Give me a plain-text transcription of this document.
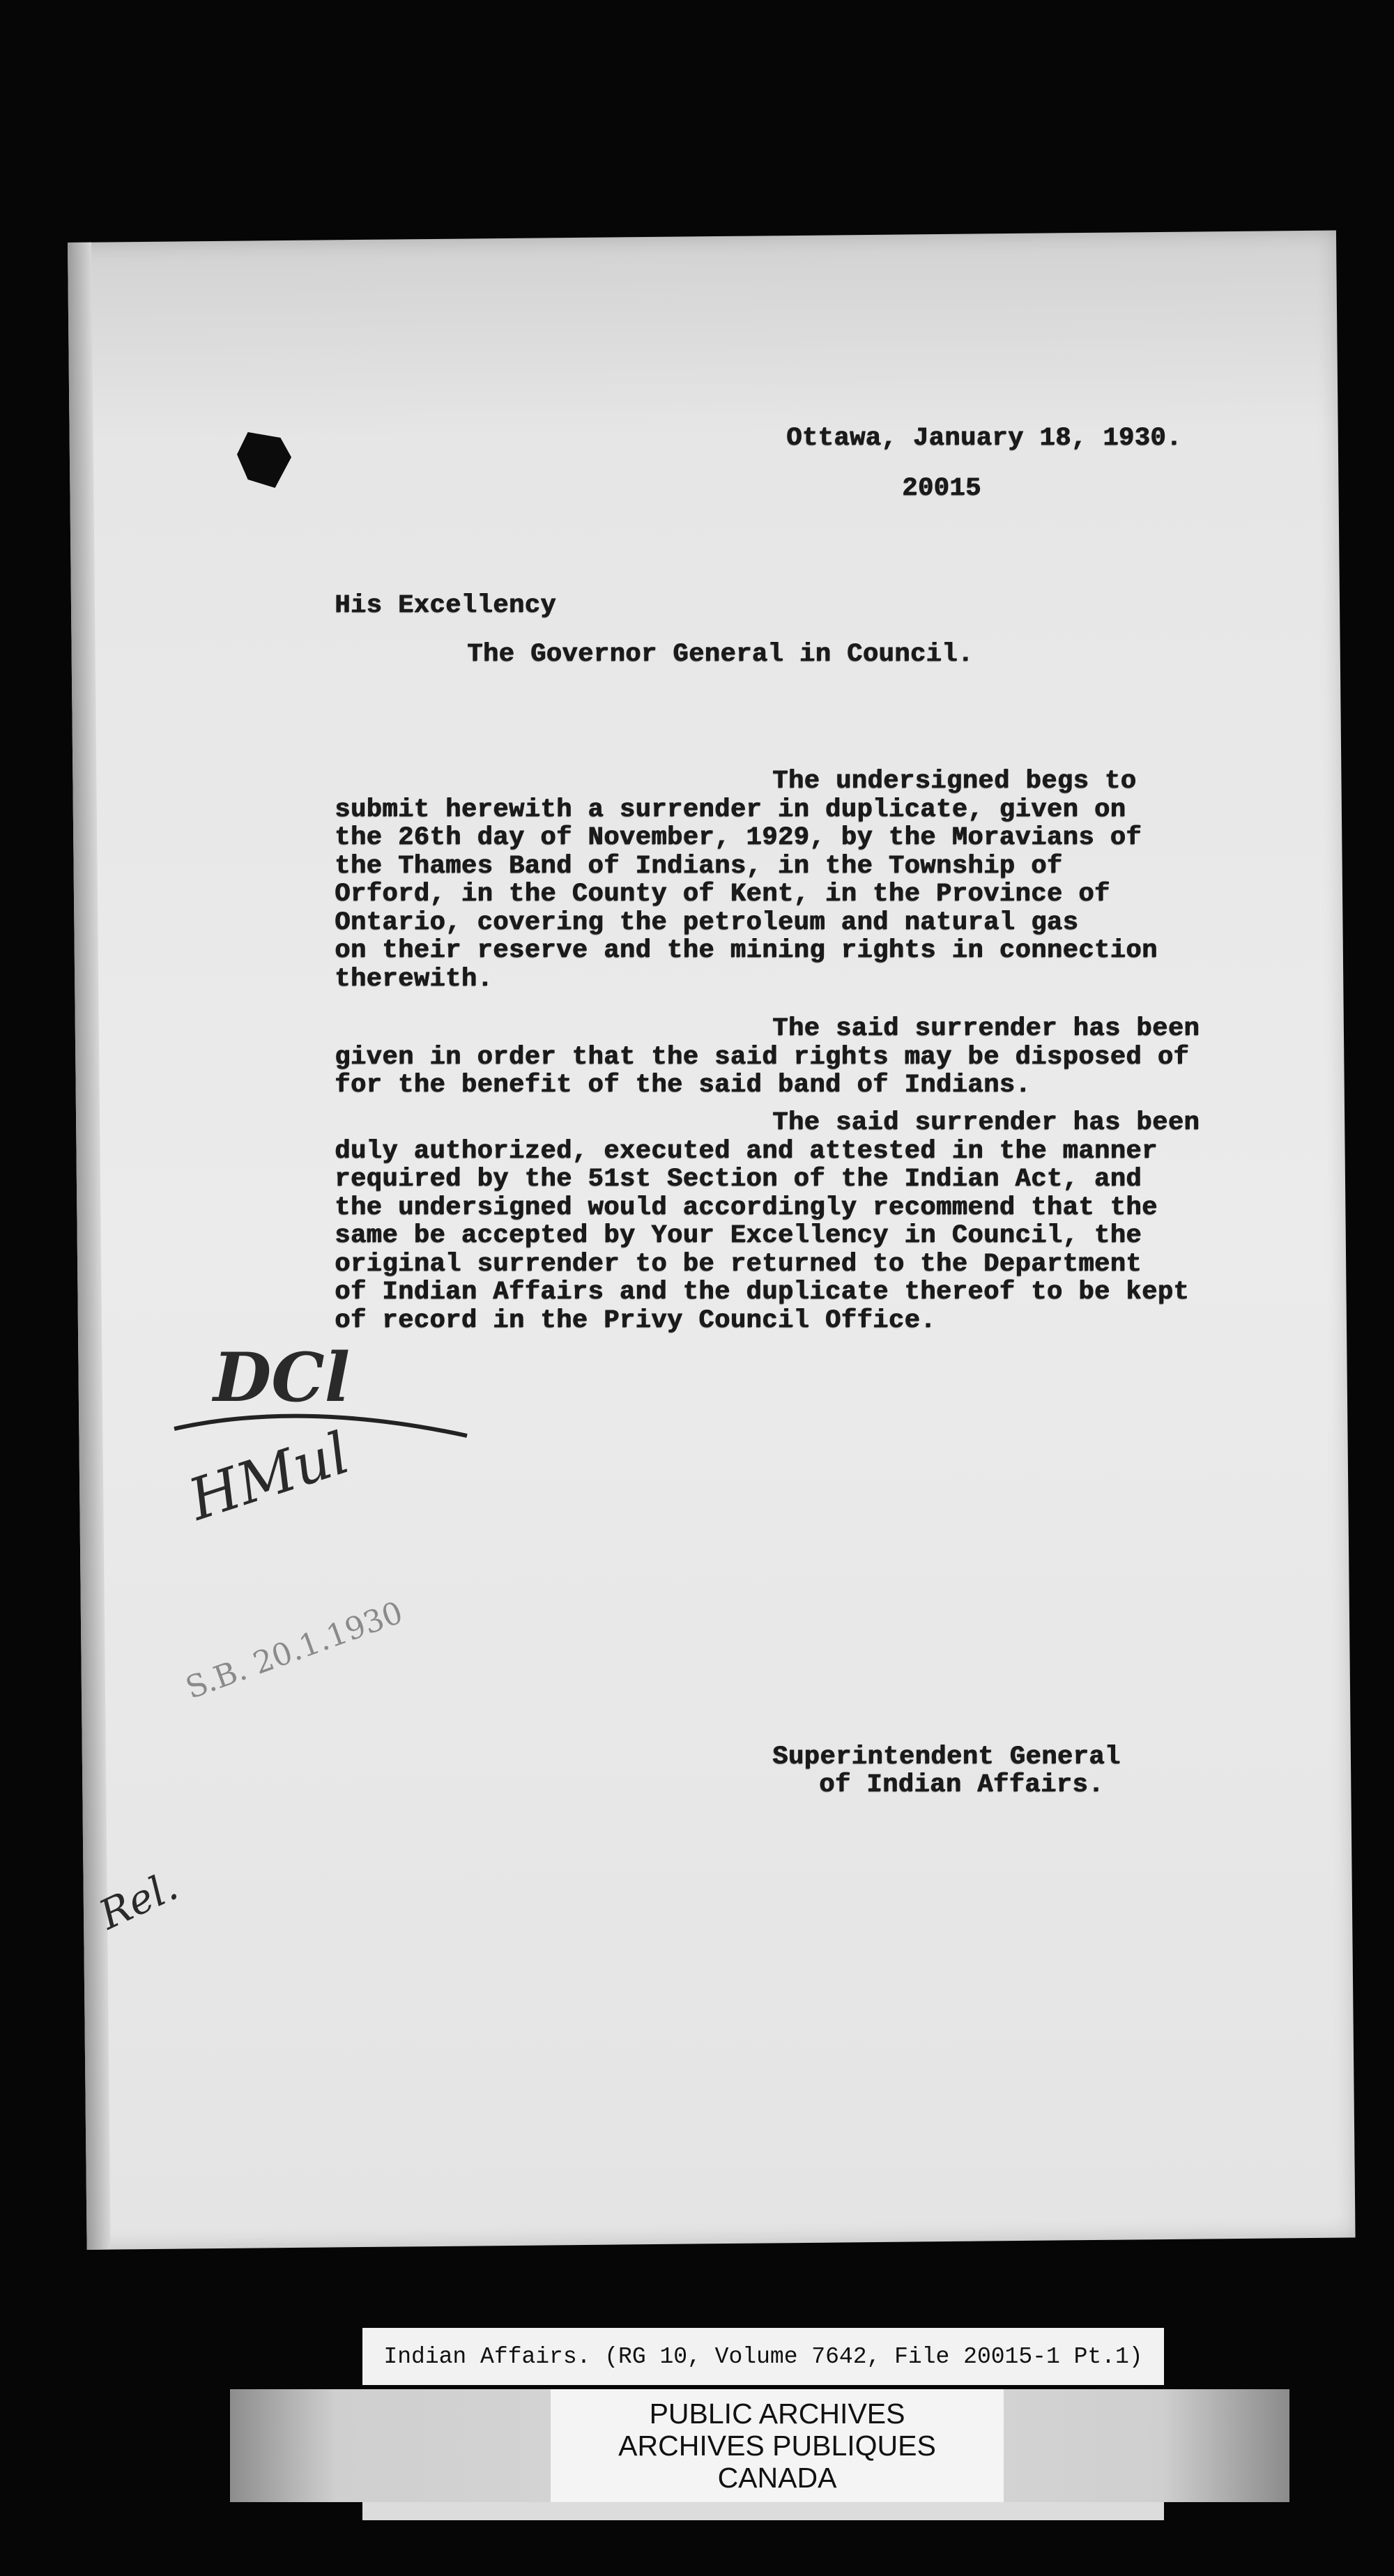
Ottawa, January 18, 1930.
20015
His Excellency
The Governor General in Council.
The undersigned begs to
submit herewith a surrender in duplicate, given on
the 26th day of November, 1929, by the Moravians of
the Thames Band of Indians, in the Township of
Orford, in the County of Kent, in the Province of
Ontario, covering the petroleum and natural gas
on their reserve and the mining rights in connection
therewith.
The said surrender has been
given in order that the said rights may be disposed of
for the benefit of the said band of Indians.
The said surrender has been
duly authorized, executed and attested in the manner
required by the 51st Section of the Indian Act, and
the undersigned would accordingly recommend that the
same be accepted by Your Excellency in Council, the
original surrender to be returned to the Department
of Indian Affairs and the duplicate thereof to be kept
of record in the Privy Council Office.
Superintendent General
of Indian Affairs.
DCl
HMul
S.B. 20.1.1930
Rel.
Indian Affairs. (RG 10, Volume 7642, File 20015-1 Pt.1)
PUBLIC ARCHIVES
ARCHIVES PUBLIQUES
CANADA
